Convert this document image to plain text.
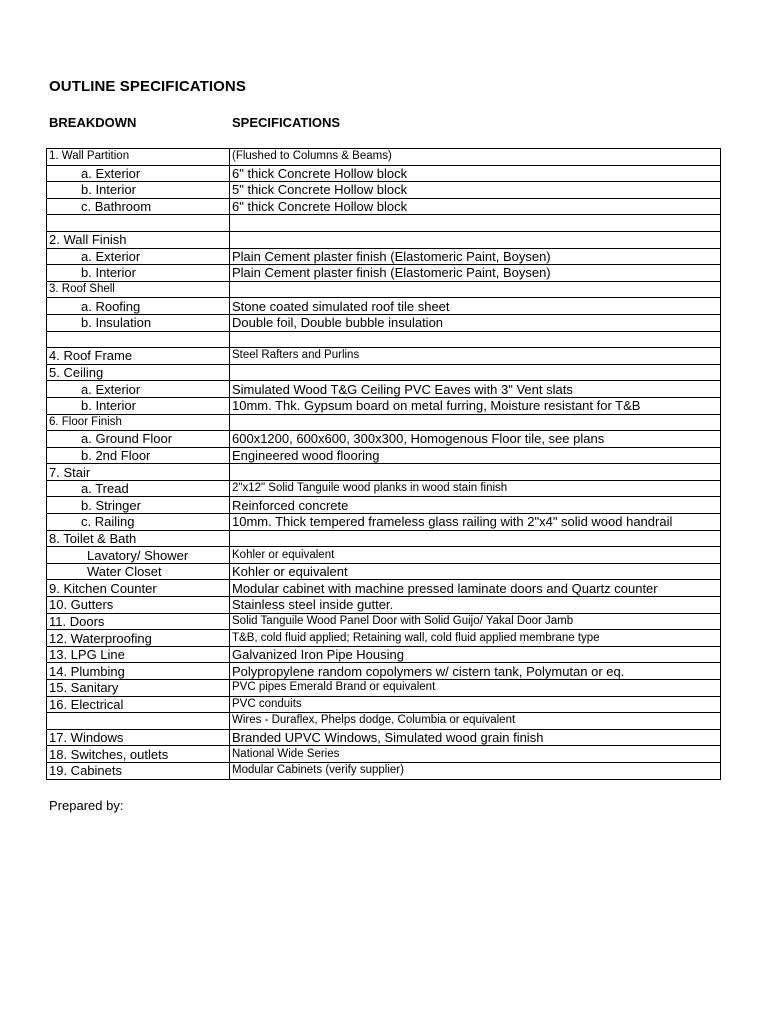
OUTLINE SPECIFICATIONS
BREAKDOWN	SPECIFICATIONS
1. Wall Partition	(Flushed to Columns & Beams)
a. Exterior	6" thick Concrete Hollow block
b. Interior	5" thick Concrete Hollow block
c. Bathroom	6" thick Concrete Hollow block

2. Wall Finish	
a. Exterior	Plain Cement plaster finish (Elastomeric Paint, Boysen)
b. Interior	Plain Cement plaster finish (Elastomeric Paint, Boysen)
3. Roof Shell	
a. Roofing	Stone coated simulated roof tile sheet
b. Insulation	Double foil, Double bubble insulation

4. Roof Frame	Steel Rafters and Purlins
5. Ceiling	
a. Exterior	Simulated Wood T&G Ceiling PVC Eaves with 3" Vent slats
b. Interior	10mm. Thk. Gypsum board on metal furring, Moisture resistant for T&B
6. Floor Finish	
a. Ground Floor	600x1200, 600x600, 300x300, Homogenous Floor tile, see plans
b. 2nd Floor	Engineered wood flooring
7. Stair	
a. Tread	2"x12" Solid Tanguile wood planks in wood stain finish
b. Stringer	Reinforced concrete
c. Railing	10mm. Thick tempered frameless glass railing with 2"x4" solid wood handrail
8. Toilet & Bath	
Lavatory/ Shower	Kohler or equivalent
Water Closet	Kohler or equivalent
9. Kitchen Counter	Modular cabinet with machine pressed laminate doors and Quartz counter
10. Gutters	Stainless steel inside gutter.
11. Doors	Solid Tanguile Wood Panel Door with Solid Guijo/ Yakal Door Jamb
12. Waterproofing	T&B, cold fluid applied; Retaining wall, cold fluid applied membrane type
13. LPG Line	Galvanized Iron Pipe Housing
14. Plumbing	Polypropylene random copolymers w/ cistern tank, Polymutan or eq.
15. Sanitary	PVC pipes Emerald Brand or equivalent
16. Electrical	PVC conduits
	Wires - Duraflex, Phelps dodge, Columbia or equivalent
17. Windows	Branded UPVC Windows, Simulated wood grain finish
18. Switches, outlets	National Wide Series
19. Cabinets	Modular Cabinets (verify supplier)
Prepared by:
